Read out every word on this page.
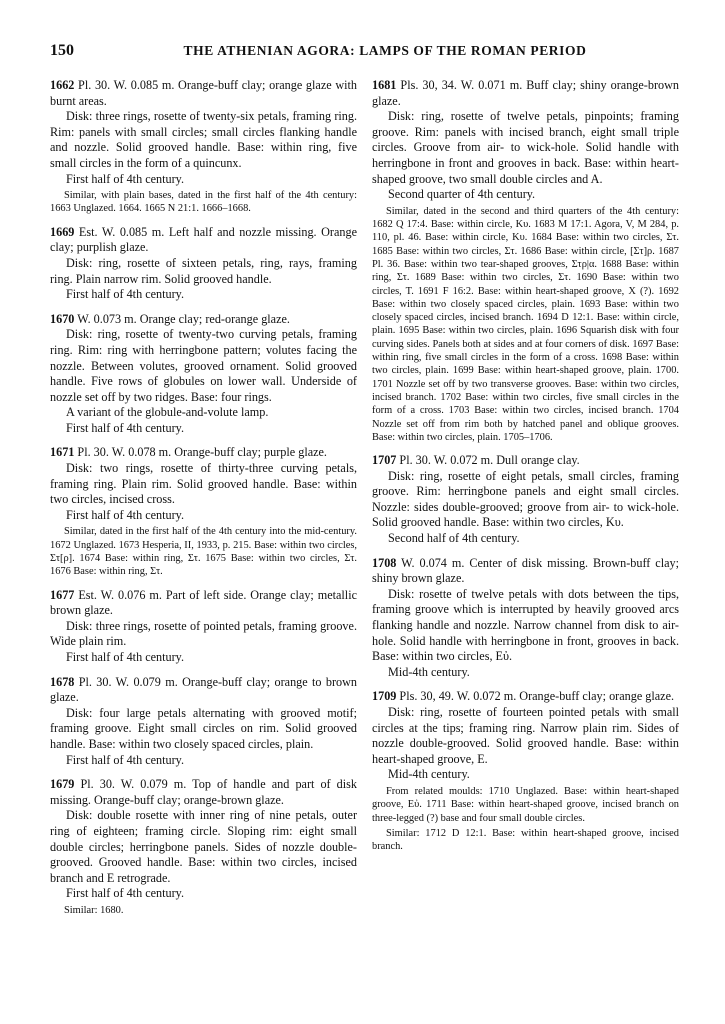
150	THE ATHENIAN AGORA: LAMPS OF THE ROMAN PERIOD

1662 Pl. 30. W. 0.085 m. Orange-buff clay; orange glaze with burnt areas.

Disk: three rings, rosette of twenty-six petals, framing ring. Rim: panels with small circles; small circles flanking handle and nozzle. Solid grooved handle. Base: within ring, five small circles in the form of a quincunx.

First half of 4th century.

Similar, with plain bases, dated in the first half of the 4th century: 1663 Unglazed. 1664. 1665 N 21:1. 1666–1668.

1669 Est. W. 0.085 m. Left half and nozzle missing. Orange clay; purplish glaze.

Disk: ring, rosette of sixteen petals, ring, rays, framing ring. Plain narrow rim. Solid grooved handle.

First half of 4th century.

1670 W. 0.073 m. Orange clay; red-orange glaze.

Disk: ring, rosette of twenty-two curving petals, framing ring. Rim: ring with herringbone pattern; volutes facing the nozzle. Between volutes, grooved ornament. Solid grooved handle. Five rows of globules on lower wall. Underside of nozzle set off by two ridges. Base: four rings.

A variant of the globule-and-volute lamp.

First half of 4th century.

1671 Pl. 30. W. 0.078 m. Orange-buff clay; purple glaze.

Disk: two rings, rosette of thirty-three curving petals, framing ring. Plain rim. Solid grooved handle. Base: within two circles, incised cross.

First half of 4th century.

Similar, dated in the first half of the 4th century into the mid-century. 1672 Unglazed. 1673 Hesperia, II, 1933, p. 215. Base: within two circles, Στ[ρ]. 1674 Base: within ring, Στ. 1675 Base: within two circles, Στ. 1676 Base: within ring, Στ.

1677 Est. W. 0.076 m. Part of left side. Orange clay; metallic brown glaze.

Disk: three rings, rosette of pointed petals, framing groove. Wide plain rim.

First half of 4th century.

1678 Pl. 30. W. 0.079 m. Orange-buff clay; orange to brown glaze.

Disk: four large petals alternating with grooved motif; framing groove. Eight small circles on rim. Solid grooved handle. Base: within two closely spaced circles, plain.

First half of 4th century.

1679 Pl. 30. W. 0.079 m. Top of handle and part of disk missing. Orange-buff clay; orange-brown glaze.

Disk: double rosette with inner ring of nine petals, outer ring of eighteen; framing circle. Sloping rim: eight small double circles; herringbone panels. Sides of nozzle double-grooved. Grooved handle. Base: within two circles, incised branch and E retrograde.

First half of 4th century.

Similar: 1680.

1681 Pls. 30, 34. W. 0.071 m. Buff clay; shiny orange-brown glaze.

Disk: ring, rosette of twelve petals, pinpoints; framing groove. Rim: panels with incised branch, eight small triple circles. Groove from air- to wick-hole. Solid handle with herringbone in front and grooves in back. Base: within heart-shaped groove, two small double circles and A.

Second quarter of 4th century.

Similar, dated in the second and third quarters of the 4th century: 1682 Q 17:4. Base: within circle, Κυ. 1683 M 17:1. Agora, V, M 284, p. 110, pl. 46. Base: within circle, Κυ. 1684 Base: within two circles, Στ. 1685 Base: within two circles, Στ. 1686 Base: within circle, [Στ]ρ. 1687 Pl. 36. Base: within two tear-shaped grooves, Στρ|α. 1688 Base: within ring, Στ. 1689 Base: within two circles, Στ. 1690 Base: within two circles, T. 1691 F 16:2. Base: within heart-shaped groove, X (?). 1692 Base: within two closely spaced circles, plain. 1693 Base: within two closely spaced circles, incised branch. 1694 D 12:1. Base: within circle, plain. 1695 Base: within two circles, plain. 1696 Squarish disk with four curving sides. Panels both at sides and at four corners of disk. 1697 Base: within ring, five small circles in the form of a cross. 1698 Base: within two circles, plain. 1699 Base: within heart-shaped groove, plain. 1700. 1701 Nozzle set off by two transverse grooves. Base: within two circles, incised branch. 1702 Base: within two circles, five small circles in the form of a cross. 1703 Base: within two circles, incised branch. 1704 Nozzle set off from rim both by hatched panel and oblique grooves. Base: within two circles, plain. 1705–1706.

1707 Pl. 30. W. 0.072 m. Dull orange clay.

Disk: ring, rosette of eight petals, small circles, framing groove. Rim: herringbone panels and eight small circles. Nozzle: sides double-grooved; groove from air- to wick-hole. Solid grooved handle. Base: within two circles, Κυ.

Second half of 4th century.

1708 W. 0.074 m. Center of disk missing. Brown-buff clay; shiny brown glaze.

Disk: rosette of twelve petals with dots between the tips, framing groove which is interrupted by heavily grooved arcs flanking handle and nozzle. Narrow channel from disk to air-hole. Solid handle with herringbone in front, grooves in back. Base: within two circles, Εὐ.

Mid-4th century.

1709 Pls. 30, 49. W. 0.072 m. Orange-buff clay; orange glaze.

Disk: ring, rosette of fourteen pointed petals with small circles at the tips; framing ring. Narrow plain rim. Sides of nozzle double-grooved. Solid grooved handle. Base: within heart-shaped groove, E.

Mid-4th century.

From related moulds: 1710 Unglazed. Base: within heart-shaped groove, Εὐ. 1711 Base: within heart-shaped groove, incised branch on three-legged (?) base and four small double circles.

Similar: 1712 D 12:1. Base: within heart-shaped groove, incised branch.
